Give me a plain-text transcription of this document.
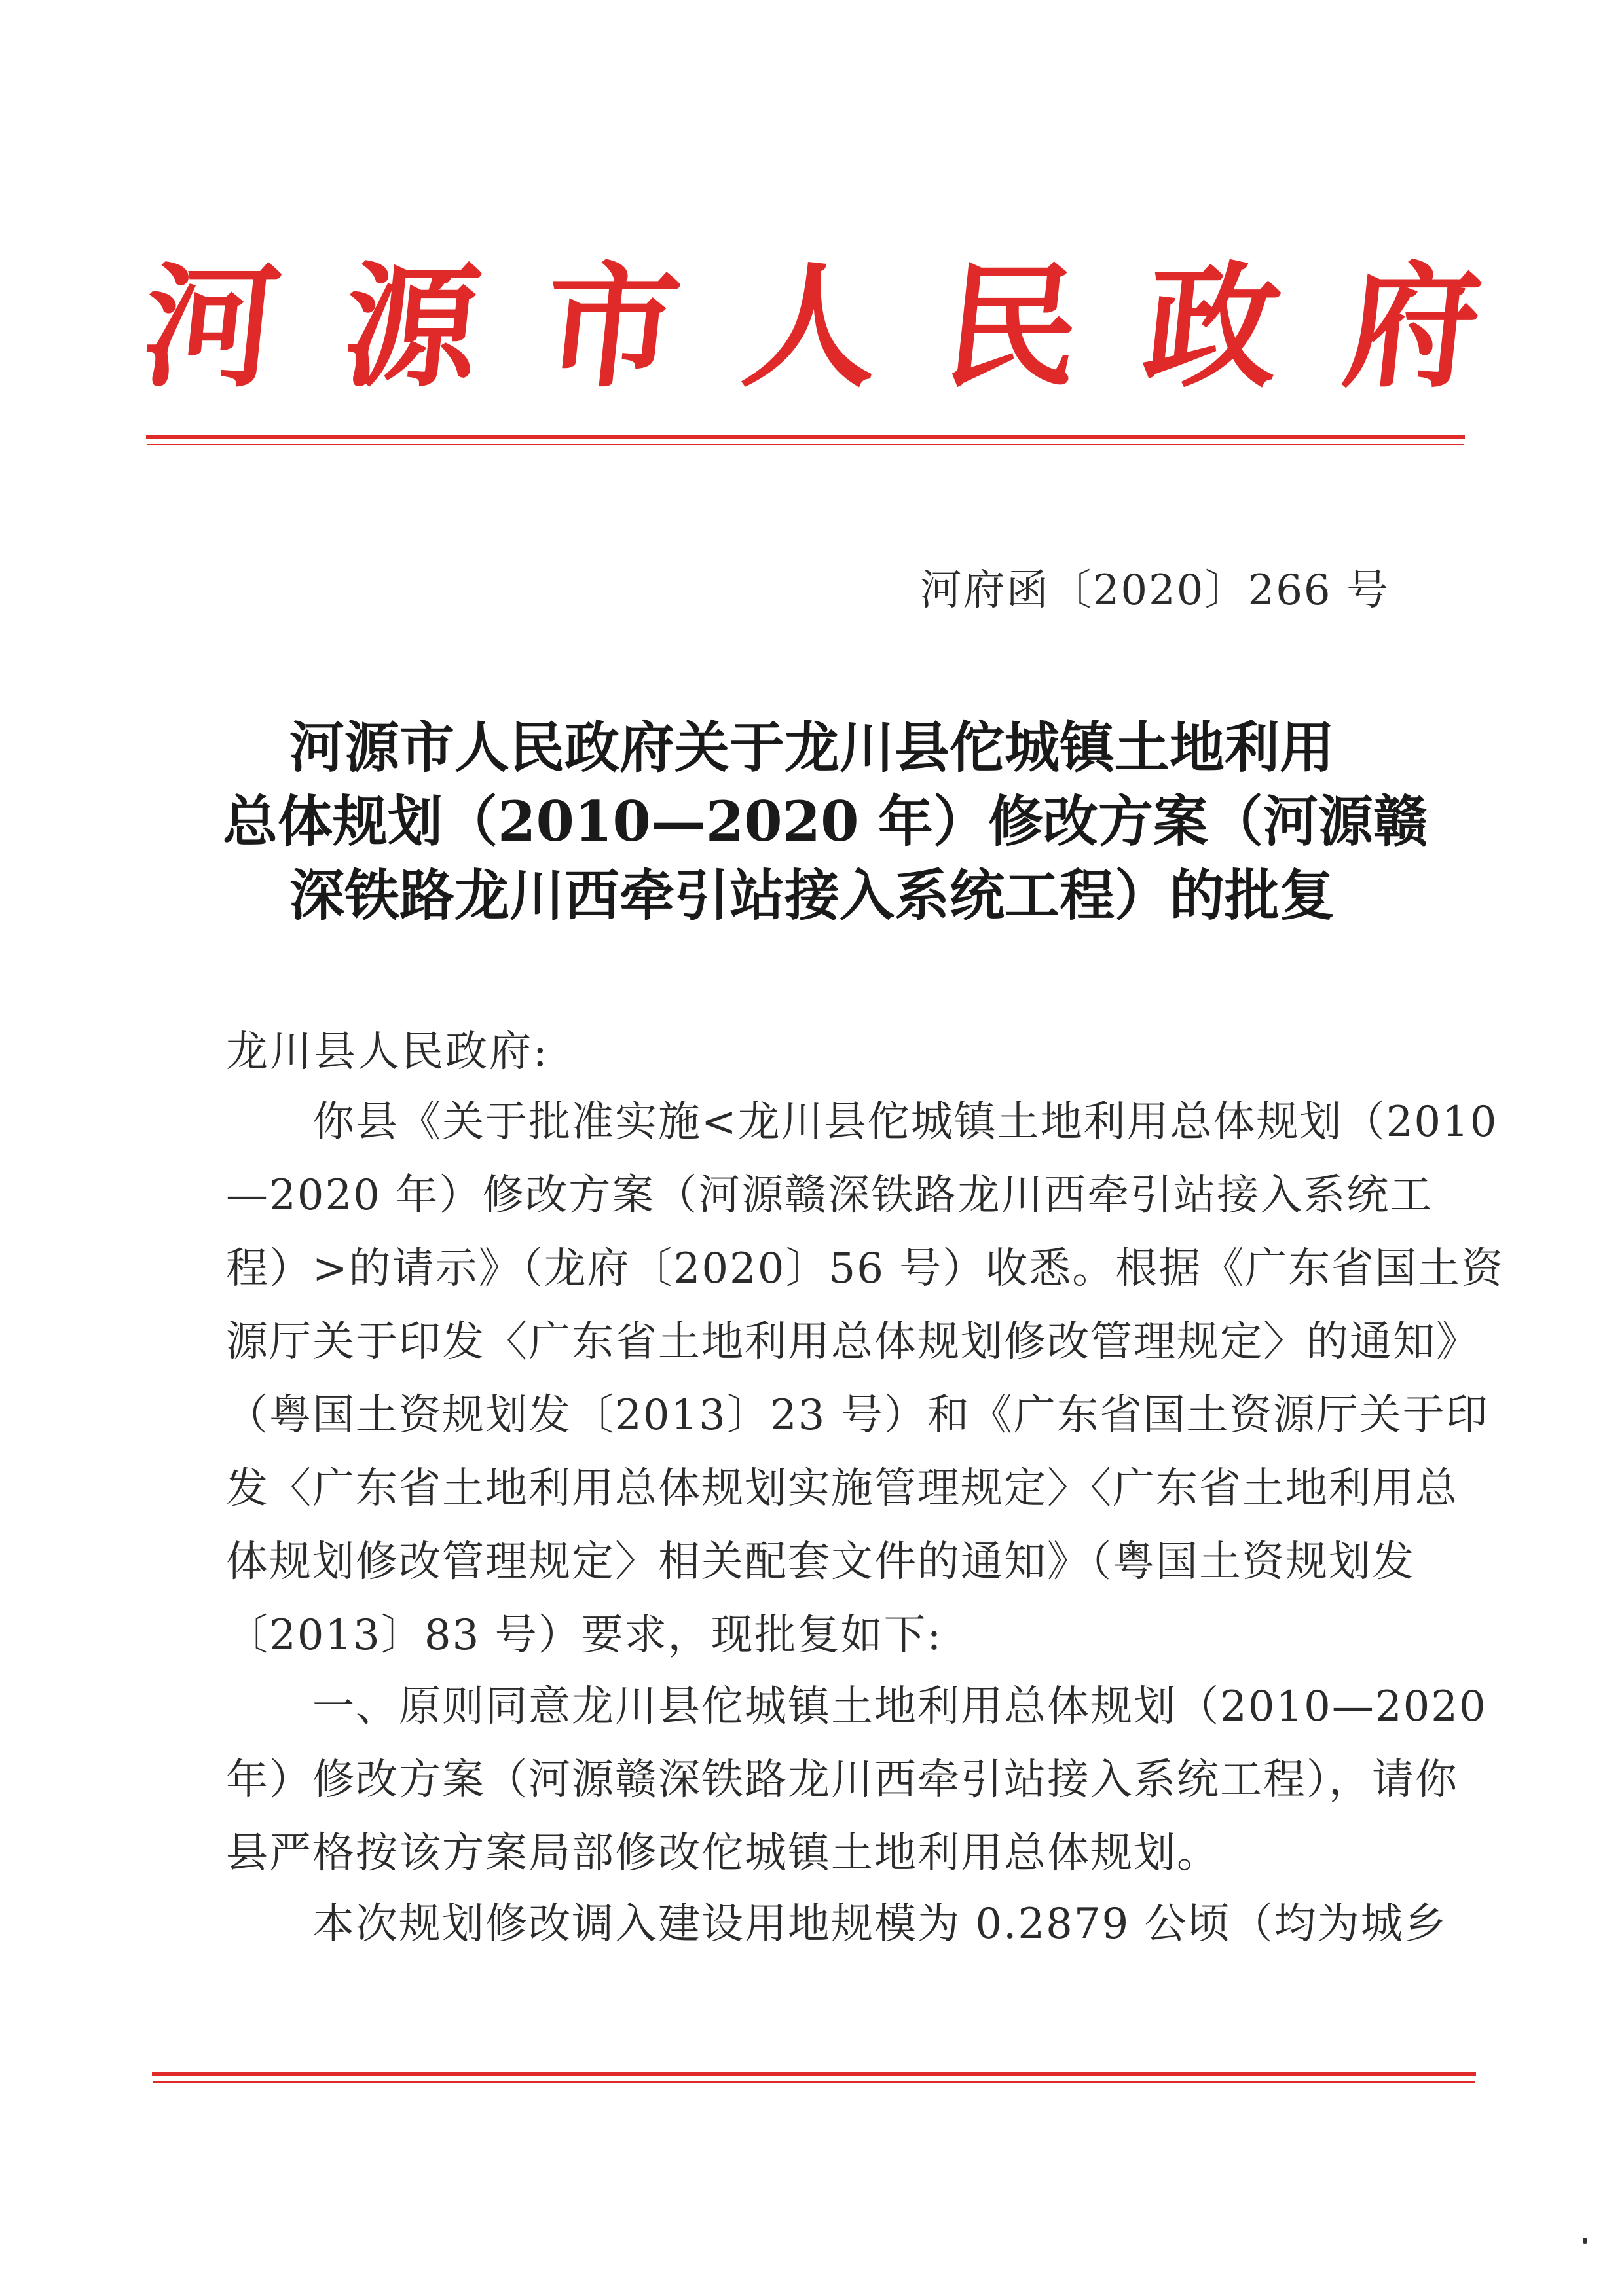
河 源 市 人 民 政 府
河府函〔2020〕266 号
河源市人民政府关于龙川县佗城镇土地利用
总体规划（2010—2020 年）修改方案（河源赣
深铁路龙川西牵引站接入系统工程）的批复
龙川县人民政府:
　　你县《关于批准实施<龙川县佗城镇土地利用总体规划（2010
—2020 年）修改方案（河源赣深铁路龙川西牵引站接入系统工
程）>的请示》（龙府〔2020〕56 号）收悉。根据《广东省国土资
源厅关于印发〈广东省土地利用总体规划修改管理规定〉的通知》
（粤国土资规划发〔2013〕23 号）和《广东省国土资源厅关于印
发〈广东省土地利用总体规划实施管理规定〉〈广东省土地利用总
体规划修改管理规定〉相关配套文件的通知》（粤国土资规划发
〔2013〕83 号）要求，现批复如下:
　　一、原则同意龙川县佗城镇土地利用总体规划（2010—2020
年）修改方案（河源赣深铁路龙川西牵引站接入系统工程），请你
县严格按该方案局部修改佗城镇土地利用总体规划。
　　本次规划修改调入建设用地规模为 0.2879 公顷（均为城乡
